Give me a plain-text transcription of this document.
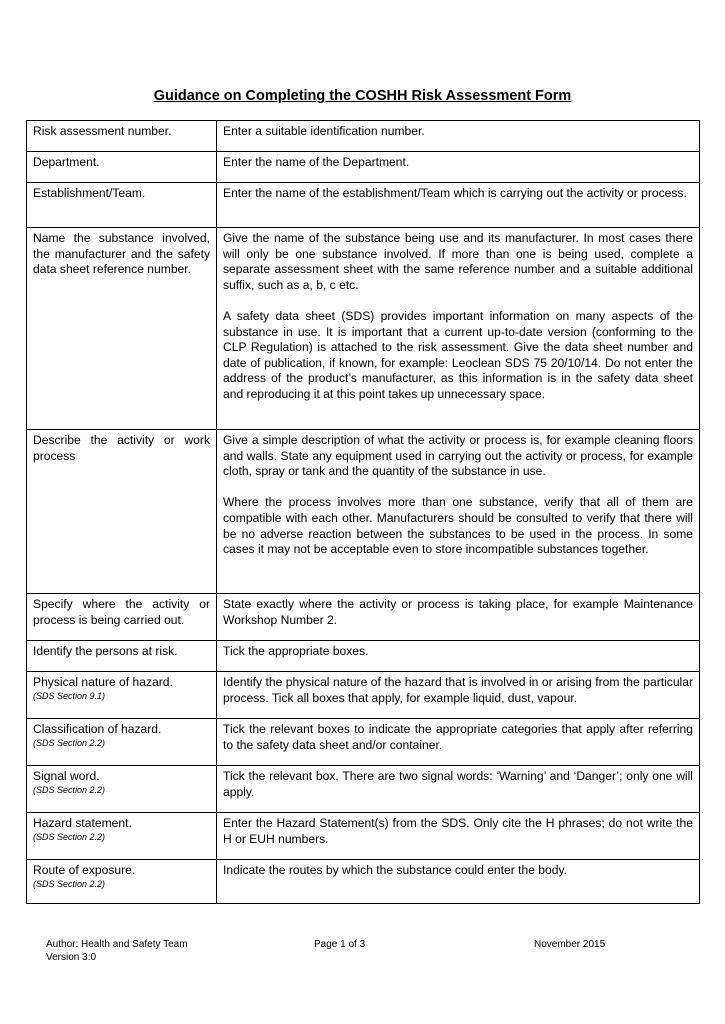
Guidance on Completing the COSHH Risk Assessment Form
Risk assessment number.	Enter a suitable identification number.
Department.	Enter the name of the Department.
Establishment/Team.	Enter the name of the establishment/Team which is carrying out the activity or process.
Name the substance involved, the manufacturer and the safety data sheet reference number.	Give the name of the substance being use and its manufacturer. In most cases there will only be one substance involved. If more than one is being used, complete a separate assessment sheet with the same reference number and a suitable additional suffix, such as a, b, c etc.
A safety data sheet (SDS) provides important information on many aspects of the substance in use. It is important that a current up-to-date version (conforming to the CLP Regulation) is attached to the risk assessment. Give the data sheet number and date of publication, if known, for example: Leoclean SDS 75 20/10/14. Do not enter the address of the product’s manufacturer, as this information is in the safety data sheet and reproducing it at this point takes up unnecessary space.

Describe the activity or work process	Give a simple description of what the activity or process is, for example cleaning floors and walls. State any equipment used in carrying out the activity or process, for example cloth, spray or tank and the quantity of the substance in use.
Where the process involves more than one substance, verify that all of them are compatible with each other. Manufacturers should be consulted to verify that there will be no adverse reaction between the substances to be used in the process. In some cases it may not be acceptable even to store incompatible substances together.

Specify where the activity or process is being carried out.	State exactly where the activity or process is taking place, for example Maintenance Workshop Number 2.
Identify the persons at risk.	Tick the appropriate boxes.
Physical nature of hazard.
(SDS Section 9.1)	Identify the physical nature of the hazard that is involved in or arising from the particular process. Tick all boxes that apply, for example liquid, dust, vapour.
Classification of hazard.
(SDS Section 2.2)	Tick the relevant boxes to indicate the appropriate categories that apply after referring to the safety data sheet and/or container.
Signal word.
(SDS Section 2.2)	Tick the relevant box. There are two signal words: ‘Warning’ and ‘Danger’; only one will apply.
Hazard statement.
(SDS Section 2.2)	Enter the Hazard Statement(s) from the SDS. Only cite the H phrases; do not write the H or EUH numbers.
Route of exposure.
(SDS Section 2.2)	Indicate the routes by which the substance could enter the body.
Author: Health and Safety Team
Version 3:0
Page 1 of 3	November 2015
